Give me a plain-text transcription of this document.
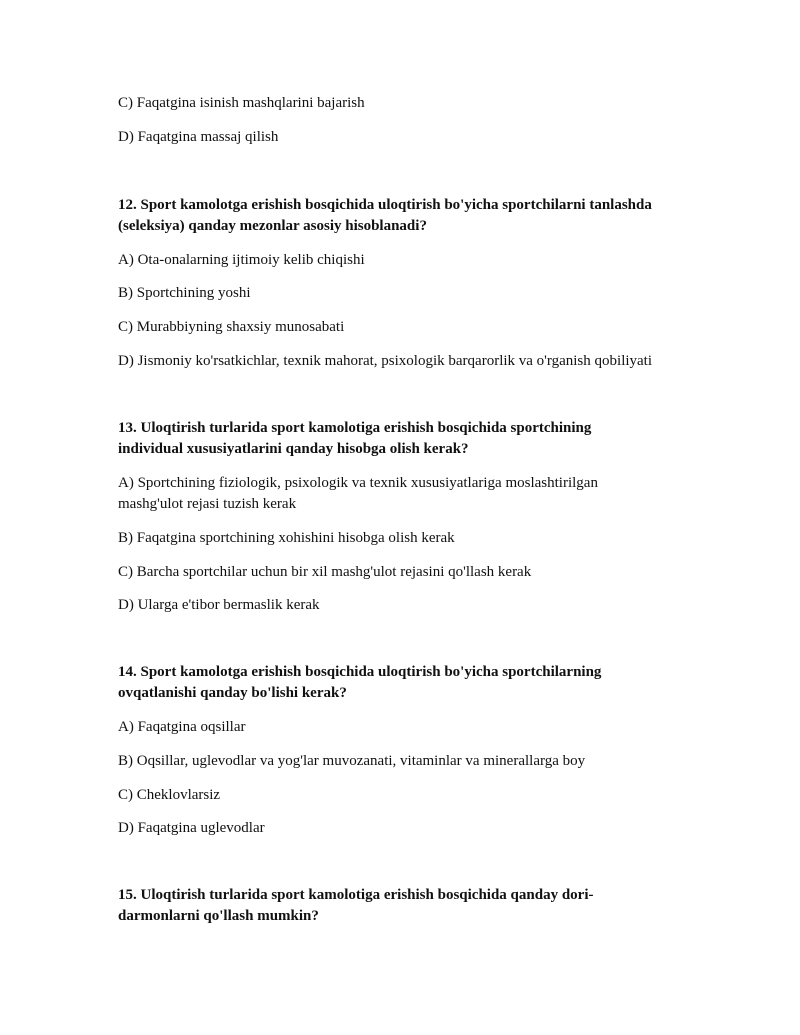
C) Faqatgina isinish mashqlarini bajarish
D) Faqatgina massaj qilish
12. Sport kamolotga erishish bosqichida uloqtirish bo'yicha sportchilarni tanlashda
(seleksiya) qanday mezonlar asosiy hisoblanadi?
A) Ota-onalarning ijtimoiy kelib chiqishi
B) Sportchining yoshi
C) Murabbiyning shaxsiy munosabati
D) Jismoniy ko'rsatkichlar, texnik mahorat, psixologik barqarorlik va o'rganish qobiliyati
13. Uloqtirish turlarida sport kamolotiga erishish bosqichida sportchining
individual xususiyatlarini qanday hisobga olish kerak?
A) Sportchining fiziologik, psixologik va texnik xususiyatlariga moslashtirilgan
mashg'ulot rejasi tuzish kerak
B) Faqatgina sportchining xohishini hisobga olish kerak
C) Barcha sportchilar uchun bir xil mashg'ulot rejasini qo'llash kerak
D) Ularga e'tibor bermaslik kerak
14. Sport kamolotga erishish bosqichida uloqtirish bo'yicha sportchilarning
ovqatlanishi qanday bo'lishi kerak?
A) Faqatgina oqsillar
B) Oqsillar, uglevodlar va yog'lar muvozanati, vitaminlar va minerallarga boy
C) Cheklovlarsiz
D) Faqatgina uglevodlar
15. Uloqtirish turlarida sport kamolotiga erishish bosqichida qanday dori-
darmonlarni qo'llash mumkin?
